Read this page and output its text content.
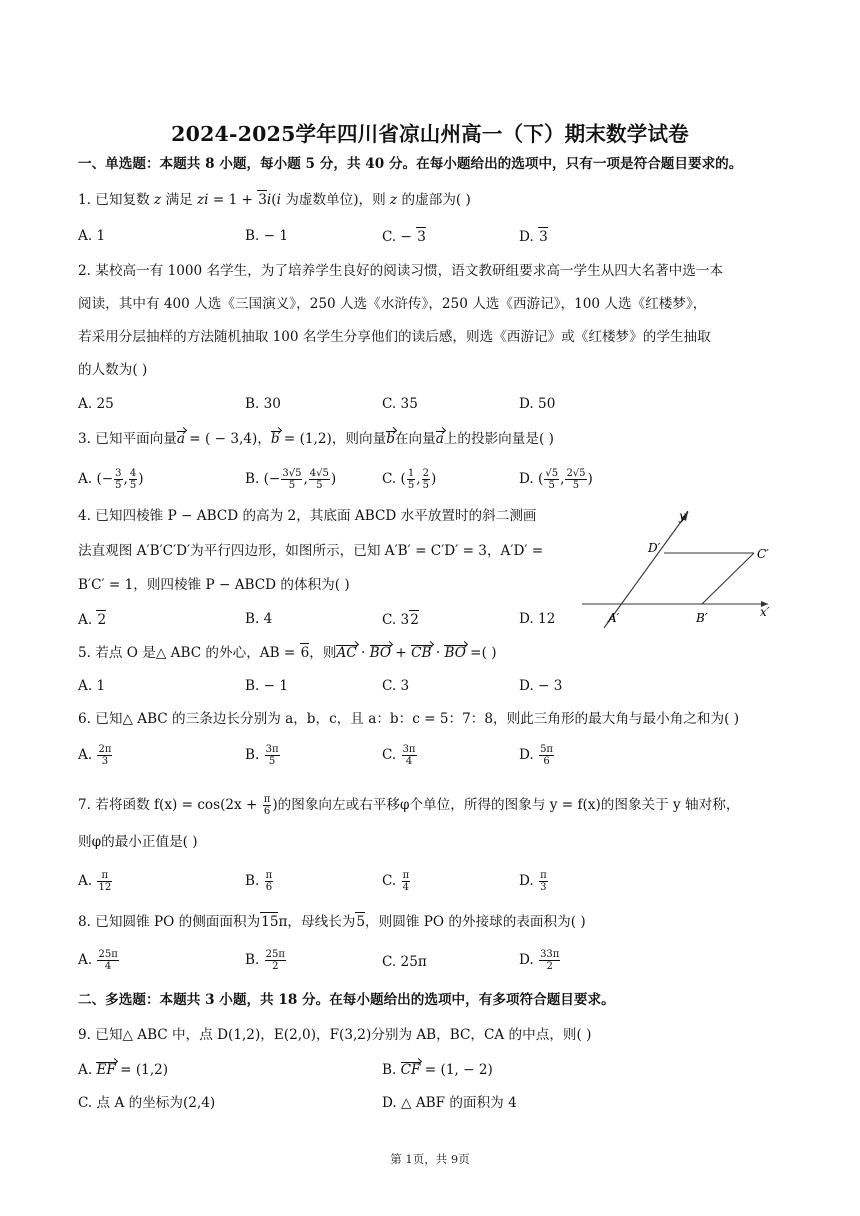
2024-2025学年四川省凉山州高一（下）期末数学试卷
一、单选题：本题共 8 小题，每小题 5 分，共 40 分。在每小题给出的选项中，只有一项是符合题目要求的。
1. 已知复数 z 满足 zi = 1 + 3i(i 为虚数单位)，则 z 的虚部为( )
A. 1	B. − 1	C. − 3	D. 3
2. 某校高一有 1000 名学生，为了培养学生良好的阅读习惯，语文教研组要求高一学生从四大名著中选一本
阅读，其中有 400 人选《三国演义》，250 人选《水浒传》，250 人选《西游记》，100 人选《红楼梦》，
若采用分层抽样的方法随机抽取 100 名学生分享他们的读后感，则选《西游记》或《红楼梦》的学生抽取
的人数为( )
A. 25	B. 30	C. 35	D. 50
3. 已知平面向量a = ( − 3,4)，b = (1,2)，则向量b在向量a上的投影向量是( )
A. (− $\frac{3}{5}$ , $\frac{4}{5}$ )	B. (− $\frac{3√5}{5}$ , $\frac{4√5}{5}$ )	C. ( $\frac{1}{5}$ , $\frac{2}{5}$ )	D. ( $\frac{√5}{5}$ , $\frac{2√5}{5}$ )
4. 已知四棱锥 P − ABCD 的高为 2，其底面 ABCD 水平放置时的斜二测画
法直观图 A′B′C′D′为平行四边形，如图所示，已知 A′B′ = C′D′ = 3，A′D′ =
B′C′ = 1，则四棱锥 P − ABCD 的体积为( )
A. 2	B. 4	C. 32	D. 12
y′
D′	C′
A′	B′	x′
5. 若点 O 是△ ABC 的外心，AB = 6，则AC · BO + CB · BO =( )
A. 1	B. − 1	C. 3	D. − 3
6. 已知△ ABC 的三条边长分别为 a，b，c，且 a：b：c = 5：7：8，则此三角形的最大角与最小角之和为( )
A. $\frac{2\pi}{3}$	B. $\frac{3\pi}{5}$	C. $\frac{3\pi}{4}$	D. $\frac{5\pi}{6}$
7. 若将函数 $f(x) = \cos(2x + \frac{\pi}{6}$ )的图象向左或右平移φ个单位，所得的图象与 y = f(x)的图象关于 y 轴对称，
则φ的最小正值是( )
A. $\frac{\pi}{12}$	B. $\frac{\pi}{6}$	C. $\frac{\pi}{4}$	D. $\frac{\pi}{3}$
8. 已知圆锥 PO 的侧面面积为15π，母线长为5，则圆锥 PO 的外接球的表面积为( )
A. $\frac{25\pi}{4}$	B. $\frac{25\pi}{2}$	C. 25π	D. $\frac{33\pi}{2}$
二、多选题：本题共 3 小题，共 18 分。在每小题给出的选项中，有多项符合题目要求。
9. 已知△ ABC 中，点 D(1,2)，E(2,0)，F(3,2)分别为 AB，BC，CA 的中点，则( )
A. EF = (1,2)	B. CF = (1, − 2)
C. 点 A 的坐标为(2,4)	D. △ ABF 的面积为 4
第 1页，共 9页
